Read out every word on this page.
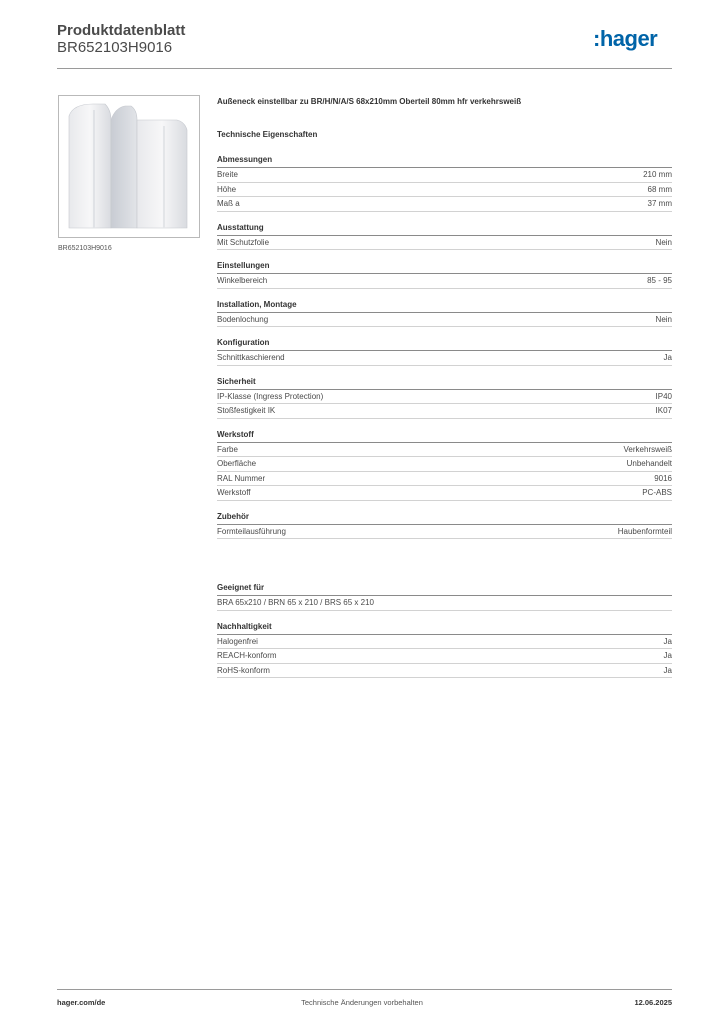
Produktdatenblatt
BR652103H9016	:hager
BR652103H9016
Außeneck einstellbar zu BR/H/N/A/S 68x210mm Oberteil 80mm hfr verkehrsweiß
Technische Eigenschaften
Abmessungen
Breite	210 mm
Höhe	68 mm
Maß a	37 mm
Ausstattung
Mit Schutzfolie	Nein
Einstellungen
Winkelbereich	85 - 95
Installation, Montage
Bodenlochung	Nein
Konfiguration
Schnittkaschierend	Ja
Sicherheit
IP-Klasse (Ingress Protection)	IP40
Stoßfestigkeit IK	IK07
Werkstoff
Farbe	Verkehrsweiß
Oberfläche	Unbehandelt
RAL Nummer	9016
Werkstoff	PC-ABS
Zubehör
Formteilausführung	Haubenformteil
Geeignet für
BRA 65x210 / BRN 65 x 210 / BRS 65 x 210
Nachhaltigkeit
Halogenfrei	Ja
REACH-konform	Ja
RoHS-konform	Ja
hager.com/de	Technische Änderungen vorbehalten	12.06.2025
